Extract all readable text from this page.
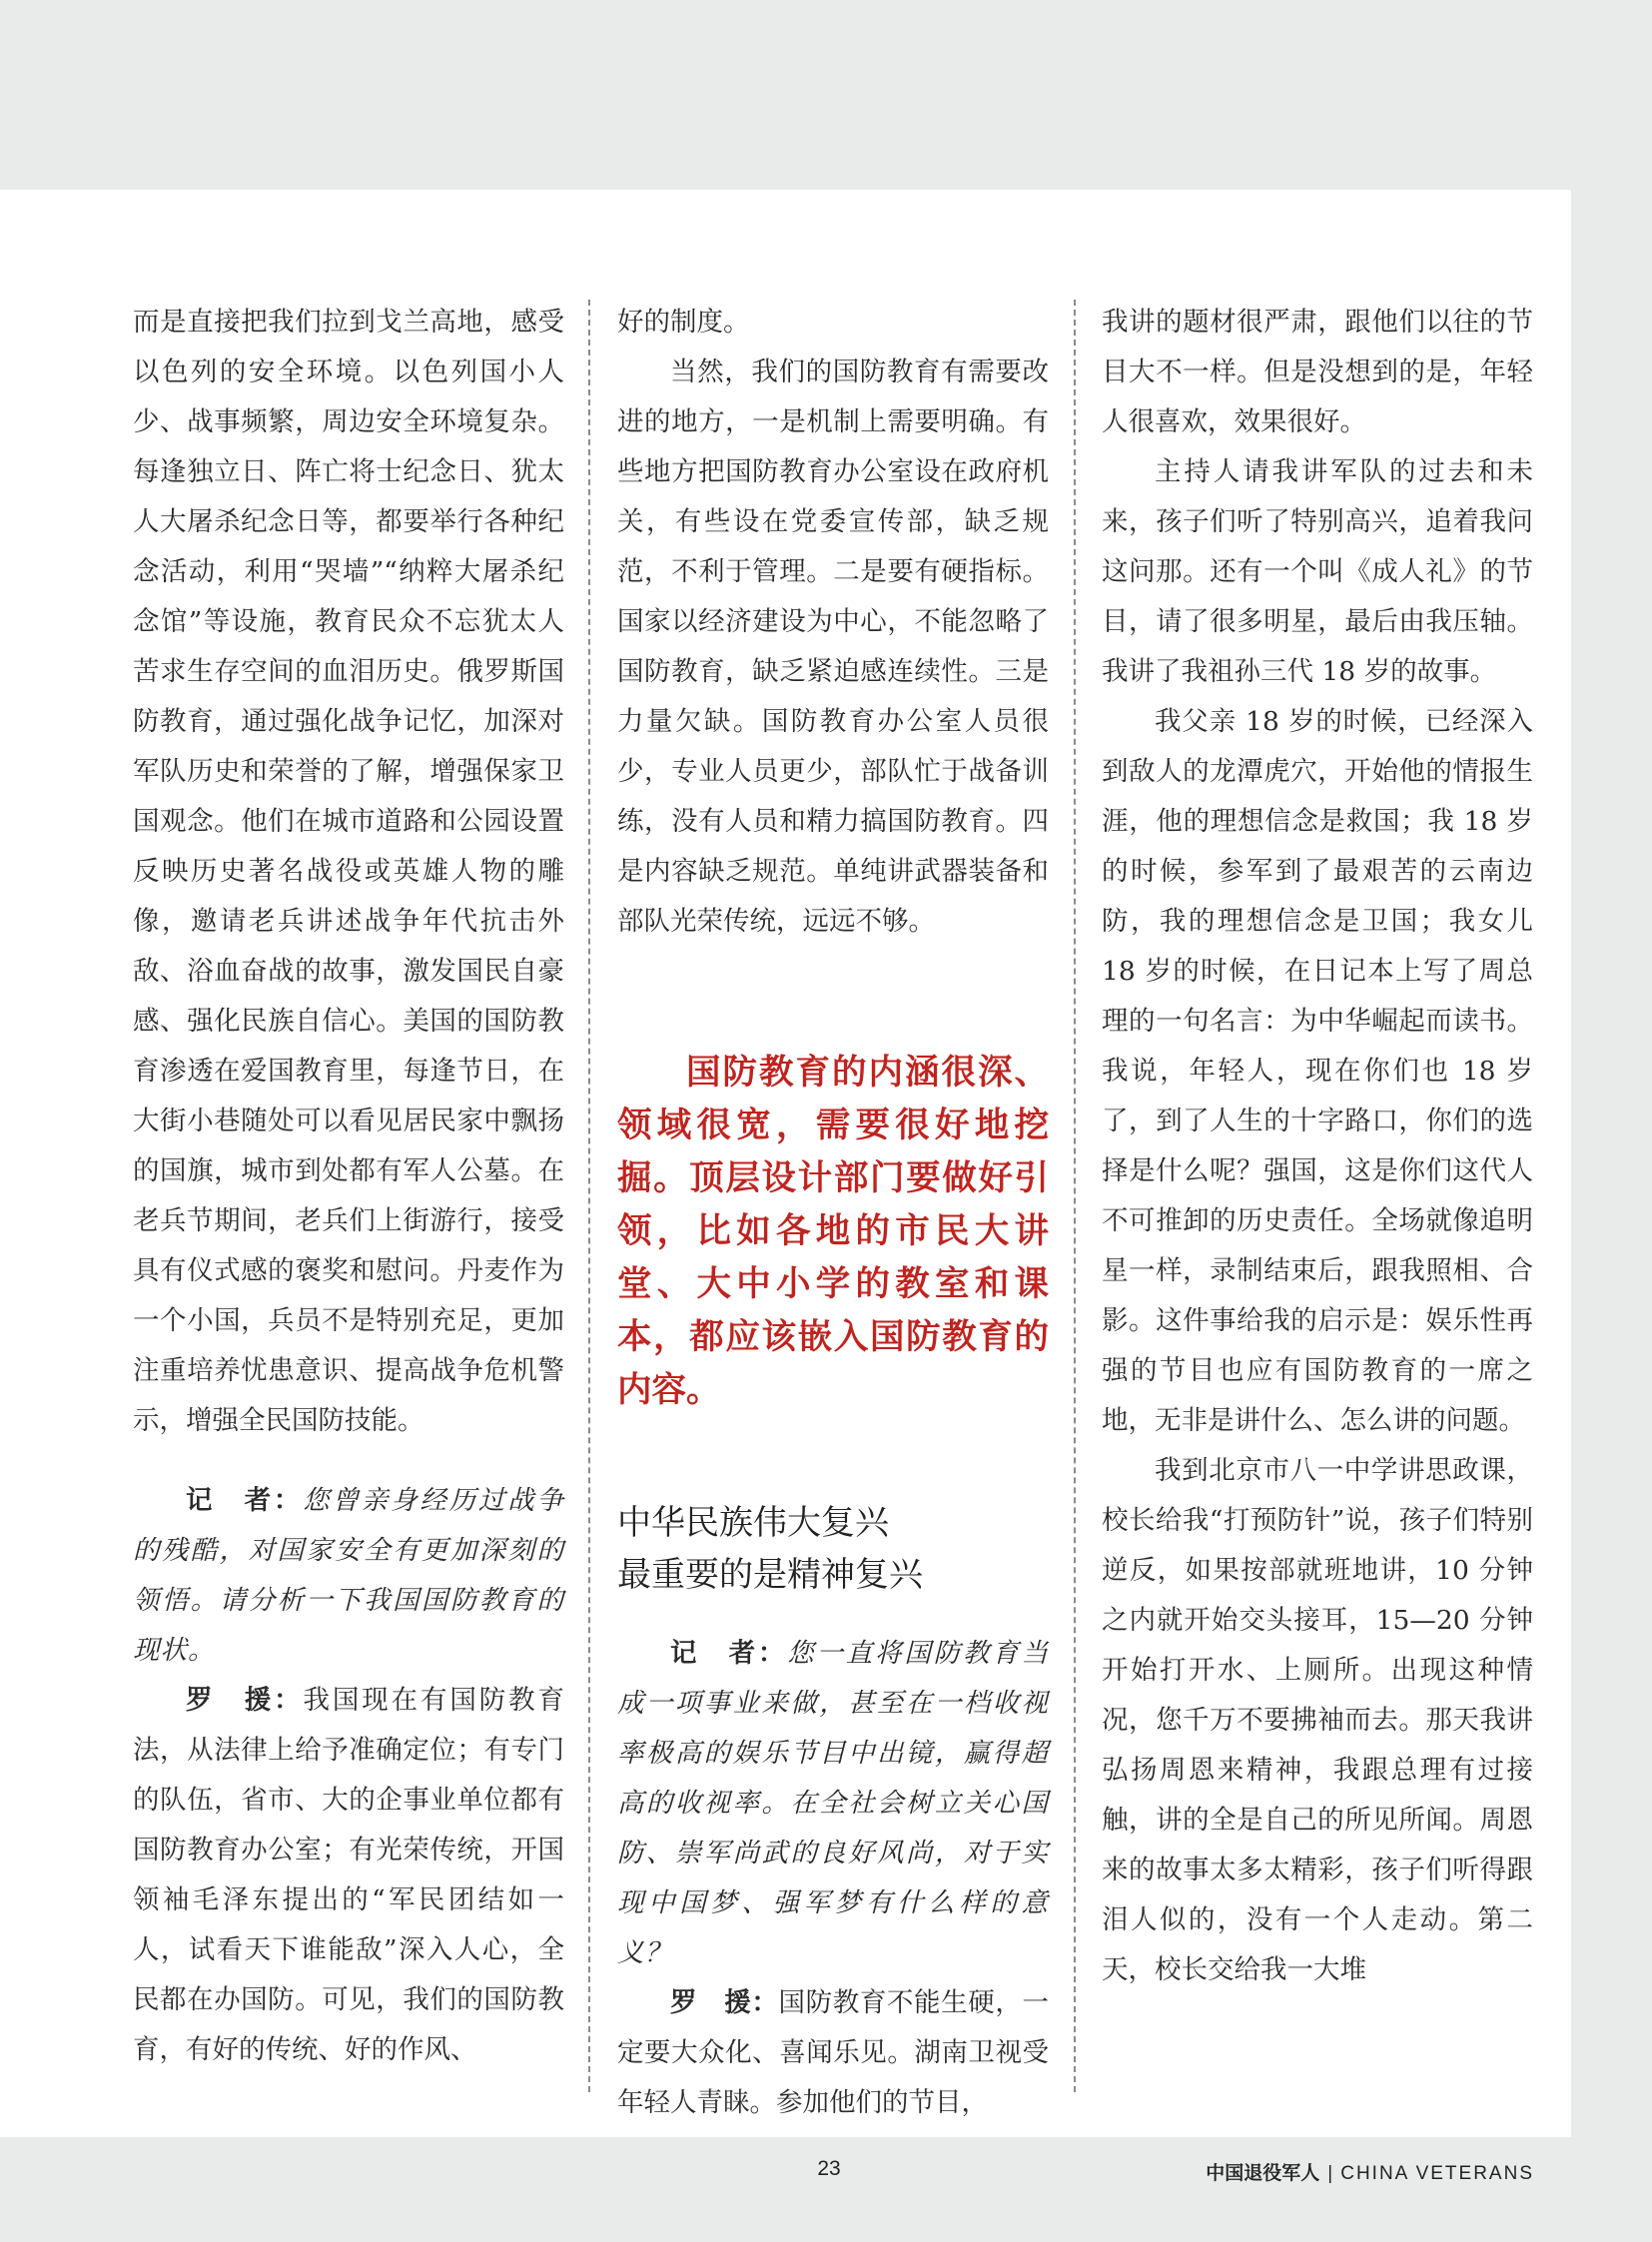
而是直接把我们拉到戈兰高地，感受以色列的安全环境。以色列国小人少、战事频繁，周边安全环境复杂。每逢独立日、阵亡将士纪念日、犹太人大屠杀纪念日等，都要举行各种纪念活动，利用“哭墙”“纳粹大屠杀纪念馆”等设施，教育民众不忘犹太人苦求生存空间的血泪历史。俄罗斯国防教育，通过强化战争记忆，加深对军队历史和荣誉的了解，增强保家卫国观念。他们在城市道路和公园设置反映历史著名战役或英雄人物的雕像，邀请老兵讲述战争年代抗击外敌、浴血奋战的故事，激发国民自豪感、强化民族自信心。美国的国防教育渗透在爱国教育里，每逢节日，在大街小巷随处可以看见居民家中飘扬的国旗，城市到处都有军人公墓。在老兵节期间，老兵们上街游行，接受具有仪式感的褒奖和慰问。丹麦作为一个小国，兵员不是特别充足，更加注重培养忧患意识、提高战争危机警示，增强全民国防技能。

记　者：您曾亲身经历过战争的残酷，对国家安全有更加深刻的领悟。请分析一下我国国防教育的现状。

罗　援：我国现在有国防教育法，从法律上给予准确定位；有专门的队伍，省市、大的企事业单位都有国防教育办公室；有光荣传统，开国领袖毛泽东提出的“军民团结如一人，试看天下谁能敌”深入人心，全民都在办国防。可见，我们的国防教育，有好的传统、好的作风、

好的制度。

当然，我们的国防教育有需要改进的地方，一是机制上需要明确。有些地方把国防教育办公室设在政府机关，有些设在党委宣传部，缺乏规范，不利于管理。二是要有硬指标。国家以经济建设为中心，不能忽略了国防教育，缺乏紧迫感连续性。三是力量欠缺。国防教育办公室人员很少，专业人员更少，部队忙于战备训练，没有人员和精力搞国防教育。四是内容缺乏规范。单纯讲武器装备和部队光荣传统，远远不够。

国防教育的内涵很深、领域很宽，需要很好地挖掘。顶层设计部门要做好引领，比如各地的市民大讲堂、大中小学的教室和课本，都应该嵌入国防教育的内容。

中华民族伟大复兴

最重要的是精神复兴

记　者：您一直将国防教育当成一项事业来做，甚至在一档收视率极高的娱乐节目中出镜，赢得超高的收视率。在全社会树立关心国防、崇军尚武的良好风尚，对于实现中国梦、强军梦有什么样的意义？

罗　援：国防教育不能生硬，一定要大众化、喜闻乐见。湖南卫视受年轻人青睐。参加他们的节目，

我讲的题材很严肃，跟他们以往的节目大不一样。但是没想到的是，年轻人很喜欢，效果很好。

主持人请我讲军队的过去和未来，孩子们听了特别高兴，追着我问这问那。还有一个叫《成人礼》的节目，请了很多明星，最后由我压轴。我讲了我祖孙三代 18 岁的故事。

我父亲 18 岁的时候，已经深入到敌人的龙潭虎穴，开始他的情报生涯，他的理想信念是救国；我 18 岁的时候，参军到了最艰苦的云南边防，我的理想信念是卫国；我女儿 18 岁的时候，在日记本上写了周总理的一句名言：为中华崛起而读书。我说，年轻人，现在你们也 18 岁了，到了人生的十字路口，你们的选择是什么呢？强国，这是你们这代人不可推卸的历史责任。全场就像追明星一样，录制结束后，跟我照相、合影。这件事给我的启示是：娱乐性再强的节目也应有国防教育的一席之地，无非是讲什么、怎么讲的问题。

我到北京市八一中学讲思政课，校长给我“打预防针”说，孩子们特别逆反，如果按部就班地讲，10 分钟之内就开始交头接耳，15—20 分钟开始打开水、上厕所。出现这种情况，您千万不要拂袖而去。那天我讲弘扬周恩来精神，我跟总理有过接触，讲的全是自己的所见所闻。周恩来的故事太多太精彩，孩子们听得跟泪人似的，没有一个人走动。第二天，校长交给我一大堆

23	中国退役军人 | CHINA VETERANS
